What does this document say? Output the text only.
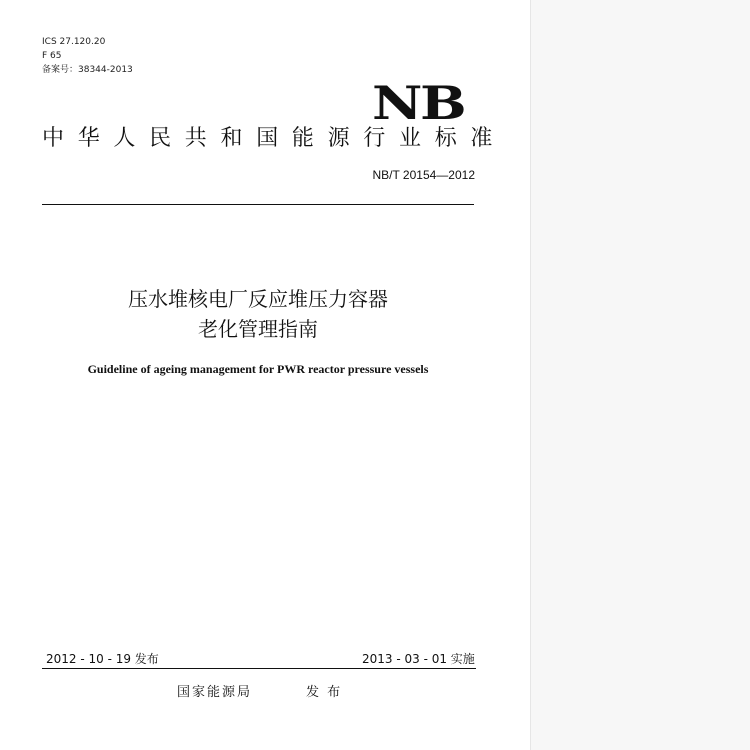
ICS 27.120.20
F 65
备案号：38344-2013
NB
中华人民共和国能源行业标准
NB/T 20154—2012
压水堆核电厂反应堆压力容器
老化管理指南
Guideline of ageing management for PWR reactor pressure vessels
2012 - 10 - 19 发布	2013 - 03 - 01 实施
国家能源局	发 布
